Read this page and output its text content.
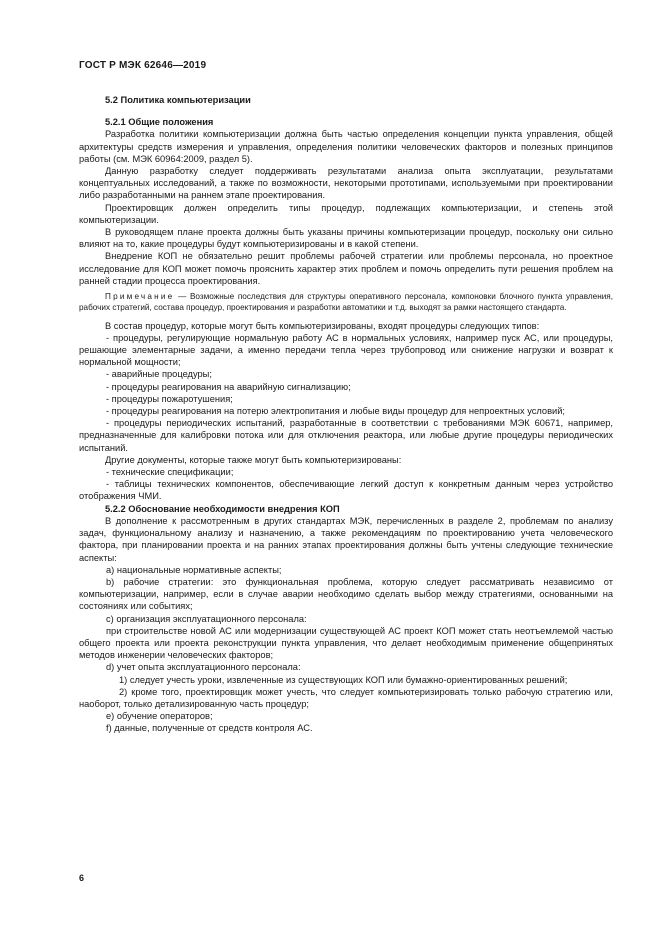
ГОСТ Р МЭК 62646—2019

5.2 Политика компьютеризации

5.2.1 Общие положения

Разработка политики компьютеризации должна быть частью определения концепции пункта управления, общей архитектуры средств измерения и управления, определения политики человеческих факторов и полезных принципов работы (см. МЭК 60964:2009, раздел 5).

Данную разработку следует поддерживать результатами анализа опыта эксплуатации, результатами концептуальных исследований, а также по возможности, некоторыми прототипами, используемыми при проектировании либо разработанными на раннем этапе проектирования.

Проектировщик должен определить типы процедур, подлежащих компьютеризации, и степень этой компьютеризации.

В руководящем плане проекта должны быть указаны причины компьютеризации процедур, поскольку они сильно влияют на то, какие процедуры будут компьютеризированы и в какой степени.

Внедрение КОП не обязательно решит проблемы рабочей стратегии или проблемы персонала, но проектное исследование для КОП может помочь прояснить характер этих проблем и помочь определить пути решения проблем на ранней стадии процесса проектирования.

Примечание — Возможные последствия для структуры оперативного персонала, компоновки блочного пункта управления, рабочих стратегий, состава процедур, проектирования и разработки автоматики и т.д. выходят за рамки настоящего стандарта.

В состав процедур, которые могут быть компьютеризированы, входят процедуры следующих типов:

- процедуры, регулирующие нормальную работу АС в нормальных условиях, например пуск АС, или процедуры, решающие элементарные задачи, а именно передачи тепла через трубопровод или снижение нагрузки и возврат к нормальной мощности;

- аварийные процедуры;

- процедуры реагирования на аварийную сигнализацию;

- процедуры пожаротушения;

- процедуры реагирования на потерю электропитания и любые виды процедур для непроектных условий;

- процедуры периодических испытаний, разработанные в соответствии с требованиями МЭК 60671, например, предназначенные для калибровки потока или для отключения реактора, или любые другие процедуры периодических испытаний.

Другие документы, которые также могут быть компьютеризированы:

- технические спецификации;

- таблицы технических компонентов, обеспечивающие легкий доступ к конкретным данным через устройство отображения ЧМИ.

5.2.2 Обоснование необходимости внедрения КОП

В дополнение к рассмотренным в других стандартах МЭК, перечисленных в разделе 2, проблемам по анализу задач, функциональному анализу и назначению, а также рекомендациям по проектированию учета человеческого фактора, при планировании проекта и на ранних этапах проектирования должны быть учтены следующие технические аспекты:

а) национальные нормативные аспекты;

b) рабочие стратегии: это функциональная проблема, которую следует рассматривать независимо от компьютеризации, например, если в случае аварии необходимо сделать выбор между стратегиями, основанными на состояниях или событиях;

с) организация эксплуатационного персонала:

при строительстве новой АС или модернизации существующей АС проект КОП может стать неотъемлемой частью общего проекта или проекта реконструкции пункта управления, что делает необходимым применение общепринятых методов инженерии человеческих факторов;

d) учет опыта эксплуатационного персонала:

1) следует учесть уроки, извлеченные из существующих КОП или бумажно-ориентированных решений;

2) кроме того, проектировщик может учесть, что следует компьютеризировать только рабочую стратегию или, наоборот, только детализированную часть процедур;

е) обучение операторов;

f) данные, полученные от средств контроля АС.

6
